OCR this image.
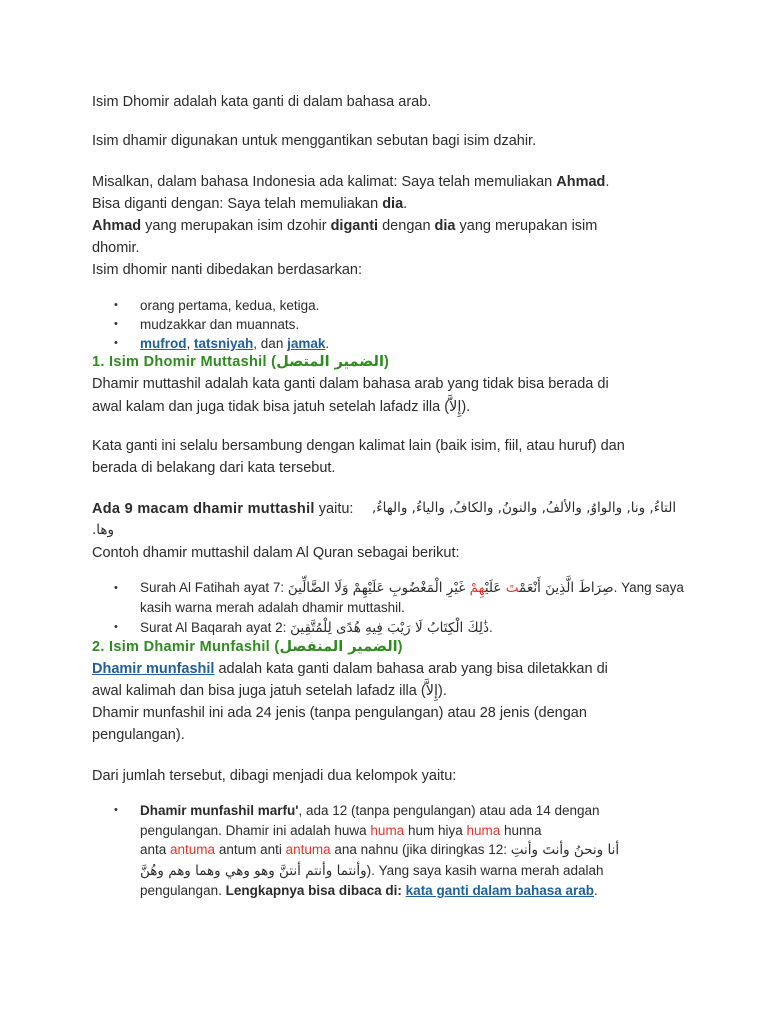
Isim Dhomir adalah kata ganti di dalam bahasa arab.
Isim dhamir digunakan untuk menggantikan sebutan bagi isim dzahir.
Misalkan, dalam bahasa Indonesia ada kalimat: Saya telah memuliakan Ahmad.
Bisa diganti dengan: Saya telah memuliakan dia.
Ahmad yang merupakan isim dzohir diganti dengan dia yang merupakan isim
dhomir.
Isim dhomir nanti dibedakan berdasarkan:
• orang pertama, kedua, ketiga.
• mudzakkar dan muannats.
• mufrod, tatsniyah, dan jamak.
1. Isim Dhomir Muttashil (الضمير المتصل)
Dhamir muttashil adalah kata ganti dalam bahasa arab yang tidak bisa berada di
awal kalam dan juga tidak bisa jatuh setelah lafadz illa (إِلاَّ).
Kata ganti ini selalu bersambung dengan kalimat lain (baik isim, fiil, atau huruf) dan
berada di belakang dari kata tersebut.
Ada 9 macam dhamir muttashil yaitu: التاءُ, ونا, والواوُ, والألفُ, والنونُ, والكافُ, والياءُ, والهاءُ,
وها.
Contoh dhamir muttashil dalam Al Quran sebagai berikut:
• Surah Al Fatihah ayat 7:	صِرَاطَ الَّذِينَ أَنْعَمْتَ عَلَيْهِمْ غَيْرِ الْمَغْضُوبِ عَلَيْهِمْ وَلَا الضَّالِّينَ	. Yang saya
kasih warna merah adalah dhamir muttashil.
• Surat Al Baqarah ayat 2: ذَٰلِكَ الْكِتَابُ لَا رَيْبَ فِيهِ هُدًى لِلْمُتَّقِينَ.
2. Isim Dhamir Munfashil (الضمير المنفصل)
Dhamir munfashil adalah kata ganti dalam bahasa arab yang bisa diletakkan di
awal kalimah dan bisa juga jatuh setelah lafadz illa (إِلاَّ).
Dhamir munfashil ini ada 24 jenis (tanpa pengulangan) atau 28 jenis (dengan
pengulangan).
Dari jumlah tersebut, dibagi menjadi dua kelompok yaitu:
• Dhamir munfashil marfu', ada 12 (tanpa pengulangan) atau ada 14 dengan
pengulangan. Dhamir ini adalah huwa huma hum hiya huma hunna
anta antuma antum anti antuma ana nahnu (jika diringkas 12: أنا ونحنُ وأنتَ وأنتِ
وأنتما وأنتم أنتنَّ وهو وهي وهما وهم وهُنَّ). Yang saya kasih warna merah adalah
pengulangan. Lengkapnya bisa dibaca di: kata ganti dalam bahasa arab.
